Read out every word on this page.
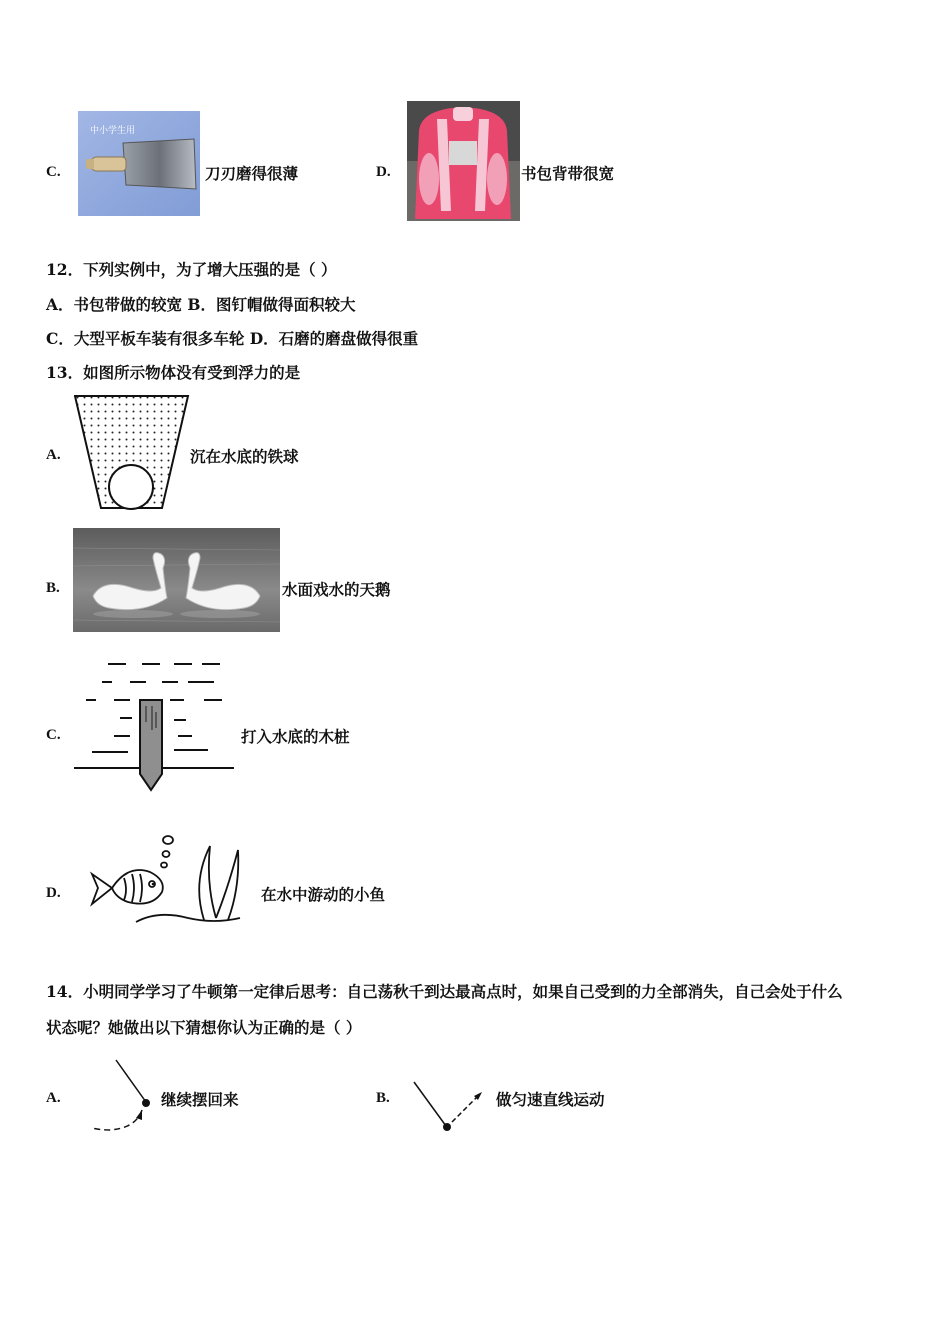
C.
中小学生用
刀刃磨得很薄	D.	书包背带很宽
12．下列实例中，为了增大压强的是（ ）
A．书包带做的较宽 B．图钉帽做得面积较大
C．大型平板车装有很多车轮 D．石磨的磨盘做得很重
13．如图所示物体没有受到浮力的是
A.	沉在水底的铁球
B.	水面戏水的天鹅
C.	打入水底的木桩
D.	在水中游动的小鱼
14．小明同学学习了牛顿第一定律后思考：自己荡秋千到达最高点时，如果自己受到的力全部消失，自己会处于什么
状态呢？她做出以下猜想你认为正确的是（ ）
A.	继续摆回来	B.	做匀速直线运动
